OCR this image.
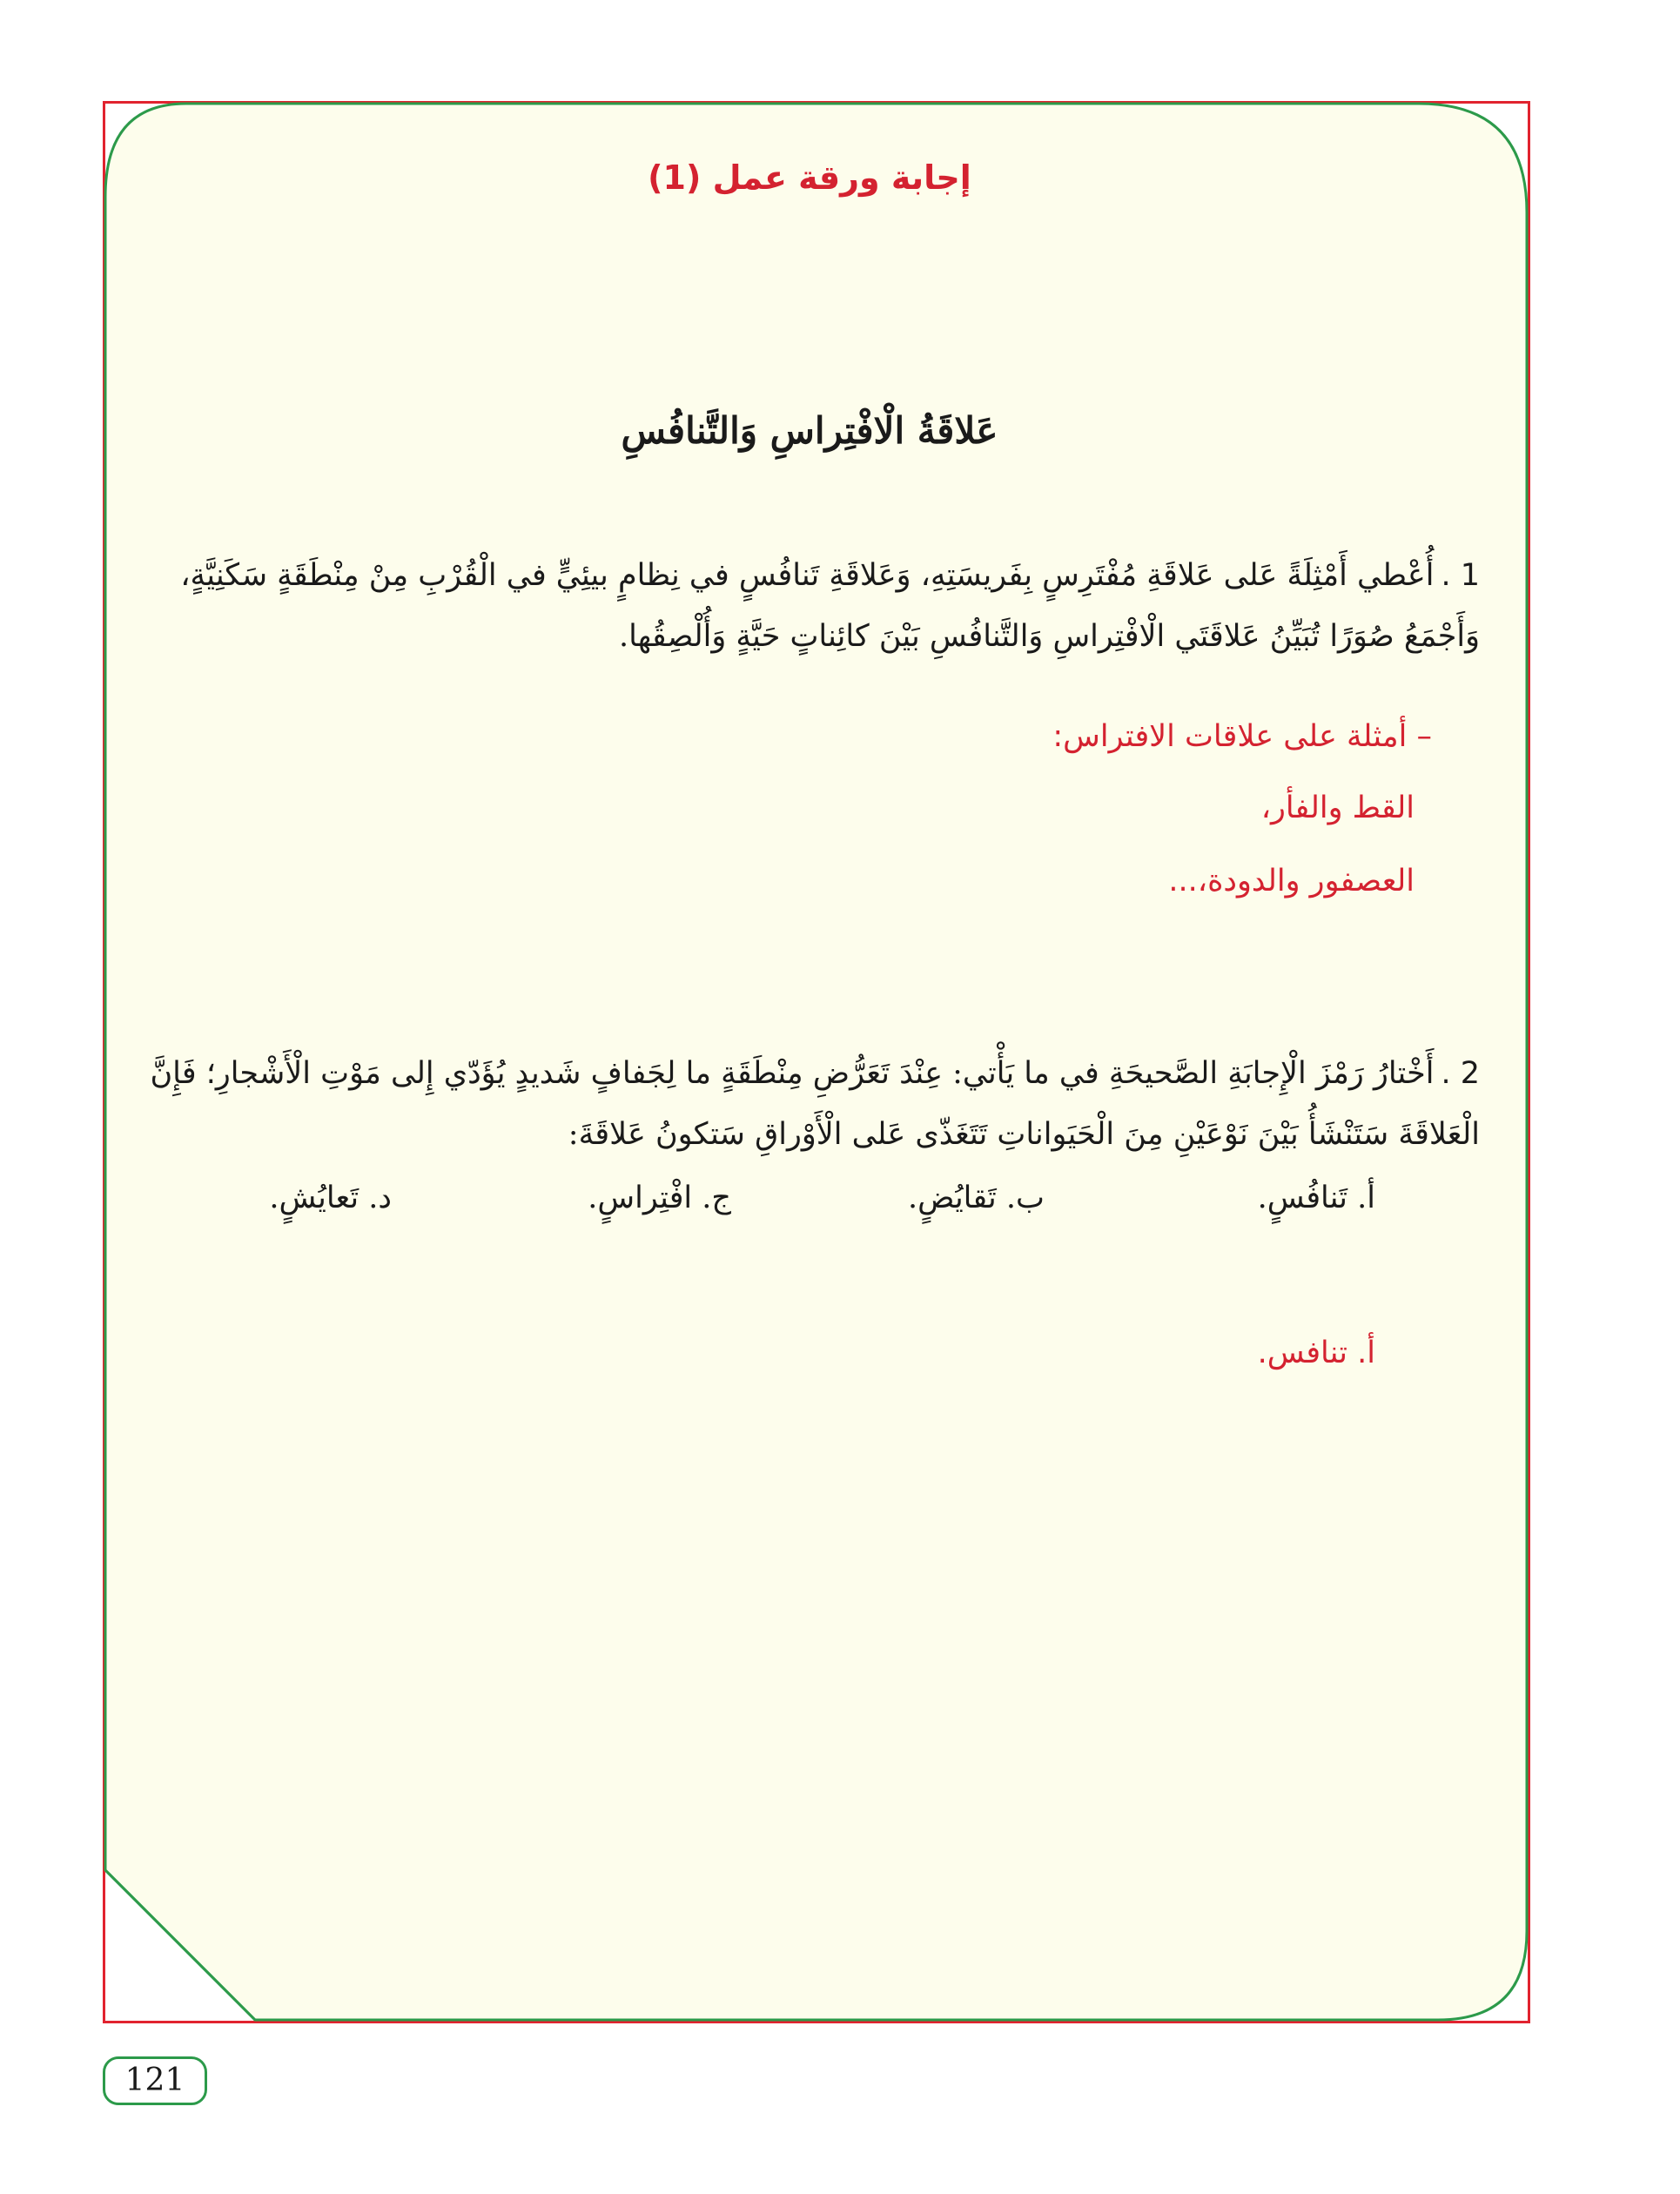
إجابة ورقة عمل (1)
عَلاقَةُ الْافْتِراسِ وَالتَّنافُسِ
1 .أُعْطي أَمْثِلَةً عَلى عَلاقَةِ مُفْتَرِسٍ بِفَريسَتِهِ، وَعَلاقَةِ تَنافُسٍ في نِظامٍ بيئِيٍّ في الْقُرْبِ مِنْ مِنْطَقَةٍ سَكَنِيَّةٍ، وَأَجْمَعُ صُوَرًا تُبَيِّنُ عَلاقَتَي الْافْتِراسِ وَالتَّنافُسِ بَيْنَ كائِناتٍ حَيَّةٍ وَأُلْصِقُها.
– أمثلة على علاقات الافتراس:
القط والفأر،
العصفور والدودة،...
2 .أَخْتارُ رَمْزَ الْإِجابَةِ الصَّحيحَةِ في ما يَأْتي: عِنْدَ تَعَرُّضِ مِنْطَقَةٍ ما لِجَفافٍ شَديدٍ يُؤَدّي إِلى مَوْتِ الْأَشْجارِ؛ فَإِنَّ الْعَلاقَةَ سَتَنْشَأُ بَيْنَ نَوْعَيْنِ مِنَ الْحَيَواناتِ تَتَغَذّى عَلى الْأَوْراقِ سَتكونُ عَلاقَةَ:
أ. تَنافُسٍ.
ب. تَقايُضٍ.
ج. افْتِراسٍ.
د. تَعايُشٍ.
أ. تنافس.
121
